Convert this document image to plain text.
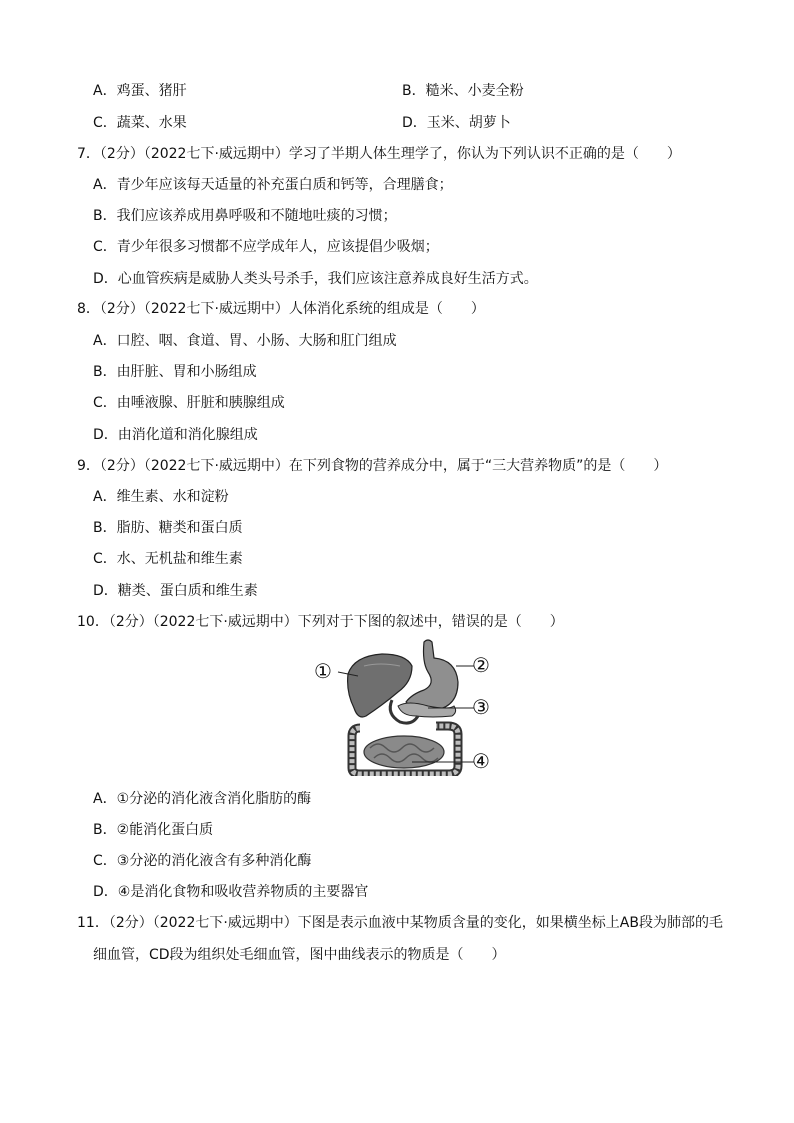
A．鸡蛋、猪肝	B．糙米、小麦全粉
C．蔬菜、水果	D．玉米、胡萝卜
7．（2分）（2022七下·威远期中）学习了半期人体生理学了，你认为下列认识不正确的是（　　）
A．青少年应该每天适量的补充蛋白质和钙等，合理膳食；
B．我们应该养成用鼻呼吸和不随地吐痰的习惯；
C．青少年很多习惯都不应学成年人，应该提倡少吸烟；
D．心血管疾病是威胁人类头号杀手，我们应该注意养成良好生活方式。
8．（2分）（2022七下·威远期中）人体消化系统的组成是（　　）
A．口腔、咽、食道、胃、小肠、大肠和肛门组成
B．由肝脏、胃和小肠组成
C．由唾液腺、肝脏和胰腺组成
D．由消化道和消化腺组成
9．（2分）（2022七下·威远期中）在下列食物的营养成分中，属于“三大营养物质”的是（　　）
A．维生素、水和淀粉
B．脂肪、糖类和蛋白质
C．水、无机盐和维生素
D．糖类、蛋白质和维生素
10．（2分）（2022七下·威远期中）下列对于下图的叙述中，错误的是（　　）
①	②
③
④
A．①分泌的消化液含消化脂肪的酶
B．②能消化蛋白质
C．③分泌的消化液含有多种消化酶
D．④是消化食物和吸收营养物质的主要器官
11．（2分）（2022七下·威远期中）下图是表示血液中某物质含量的变化，如果横坐标上AB段为肺部的毛
细血管，CD段为组织处毛细血管，图中曲线表示的物质是（　　）
